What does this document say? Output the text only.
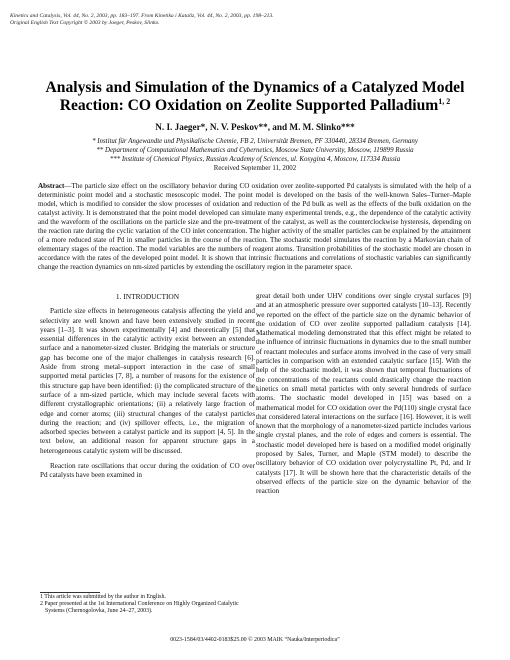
Kinetics and Catalysis, Vol. 44, No. 2, 2003, pp. 183–197. From Kinetika i Kataliz, Vol. 44, No. 2, 2003, pp. 198–213.
Original English Text Copyright © 2003 by Jaeger, Peskov, Slinko.
Analysis and Simulation of the Dynamics of a Catalyzed Model
Reaction: CO Oxidation on Zeolite Supported Palladium$^{1, 2}$
N. I. Jaeger*, N. V. Peskov**, and M. M. Slinko***
* Institut für Angewandte und Physikalische Chemie, FB 2, Universität Bremen, PF 330440, 28334 Bremen, Germany
** Department of Computational Mathematics and Cybernetics, Moscow State University, Moscow, 119899 Russia
*** Institute of Chemical Physics, Russian Academy of Sciences, ul. Kosygina 4, Moscow, 117334 Russia
Received September 11, 2002
Abstract—The particle size effect on the oscillatory behavior during CO oxidation over zeolite-supported Pd catalysts is simulated with the help of a deterministic point model and a stochastic mesoscopic model. The point model is developed on the basis of the well-known Sales–Turner–Maple model, which is modified to consider the slow processes of oxidation and reduction of the Pd bulk as well as the effects of the bulk oxidation on the catalyst activity. It is demonstrated that the point model developed can simulate many experimental trends, e.g., the dependence of the catalytic activity and the waveform of the oscillations on the particle size and the pre-treatment of the catalyst, as well as the counterclockwise hysteresis, depending on the reaction rate during the cyclic variation of the CO inlet concentration. The higher activity of the smaller particles can be explained by the attainment of a more reduced state of Pd in smaller particles in the course of the reaction. The stochastic model simulates the reaction by a Markovian chain of elementary stages of the reaction. The model variables are the numbers of reagent atoms. Transition probabilities of the stochastic model are chosen in accordance with the rates of the developed point model. It is shown that intrinsic fluctuations and correlations of stochastic variables can significantly change the reaction dynamics on nm-sized particles by extending the oscillatory region in the parameter space.
1. INTRODUCTION

Particle size effects in heterogeneous catalysis affecting the yield and selectivity are well known and have been extensively studied in recent years [1–3]. It was shown experimentally [4] and theoretically [5] that essential differences in the catalytic activity exist between an extended surface and a nanometer-sized cluster. Bridging the materials or structure gap has become one of the major challenges in catalysis research [6]. Aside from strong metal–support interaction in the case of small supported metal particles [7, 8], a number of reasons for the existence of this structure gap have been identified: (i) the complicated structure of the surface of a nm-sized particle, which may include several facets with different crystallographic orientations; (ii) a relatively large fraction of edge and corner atoms; (iii) structural changes of the catalyst particles during the reaction; and (iv) spillover effects, i.e., the migration of adsorbed species between a catalyst particle and its support [4, 5]. In the text below, an additional reason for apparent structure gaps in a heterogeneous catalytic system will be discussed.

Reaction rate oscillations that occur during the oxidation of CO over Pd catalysts have been examined in

great detail both under UHV conditions over single crystal surfaces [9] and at an atmospheric pressure over supported catalysts [10–13]. Recently we reported on the effect of the particle size on the dynamic behavior of the oxidation of CO over zeolite supported palladium catalysts [14]. Mathematical modeling demonstrated that this effect might be related to the influence of intrinsic fluctuations in dynamics due to the small number of reactant molecules and surface atoms involved in the case of very small particles in comparison with an extended catalytic surface [15]. With the help of the stochastic model, it was shown that temporal fluctuations of the concentrations of the reactants could drastically change the reaction kinetics on small metal particles with only several hundreds of surface atoms. The stochastic model developed in [15] was based on a mathematical model for CO oxidation over the Pd(110) single crystal face that considered lateral interactions on the surface [16]. However, it is well known that the morphology of a nanometer-sized particle includes various single crystal planes, and the role of edges and corners is essential. The stochastic model developed here is based on a modified model originally proposed by Sales, Turner, and Maple (STM model) to describe the oscillatory behavior of CO oxidation over polycrystalline Pt, Pd, and Ir catalysts [17]. It will be shown here that the characteristic details of the observed effects of the particle size on the dynamic behavior of the reaction

1 This article was submitted by the author in English.
2 Paper presented at the 1st International Conference on Highly Organized Catalytic Systems (Chernogolovka, June 24–27, 2003).
0023-1584/03/4402-0183$25.00 © 2003 MAIK “Nauka/Interperiodica”
